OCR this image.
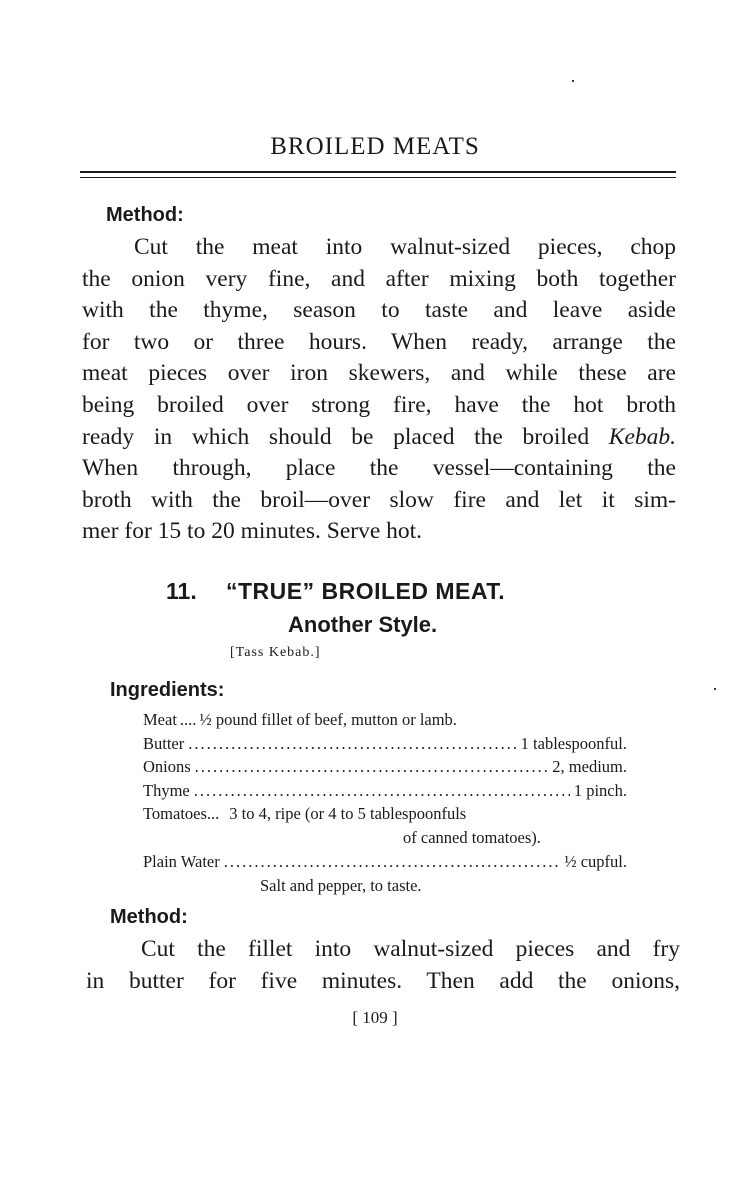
BROILED MEATS
Method:
Cut the meat into walnut-sized pieces, chop
the onion very fine, and after mixing both together
with the thyme, season to taste and leave aside
for two or three hours. When ready, arrange the
meat pieces over iron skewers, and while these are
being broiled over strong fire, have the hot broth
ready in which should be placed the broiled Kebab.
When through, place the vessel—containing the
broth with the broil—over slow fire and let it sim-
mer for 15 to 20 minutes. Serve hot.
11. “TRUE” BROILED MEAT.
Another Style.
[Tass Kebab.]
Ingredients:
Meat .... ½ pound fillet of beef, mutton or lamb.
Butter .....	1 tablespoonful.
Onions .....	2, medium.
Thyme .....	1 pinch.
Tomatoes... 3 to 4, ripe (or 4 to 5 tablespoonfuls
of canned tomatoes).
Plain Water .....	½ cupful.
Salt and pepper, to taste.
Method:
Cut the fillet into walnut-sized pieces and fry
in butter for five minutes. Then add the onions,
[ 109 ]
